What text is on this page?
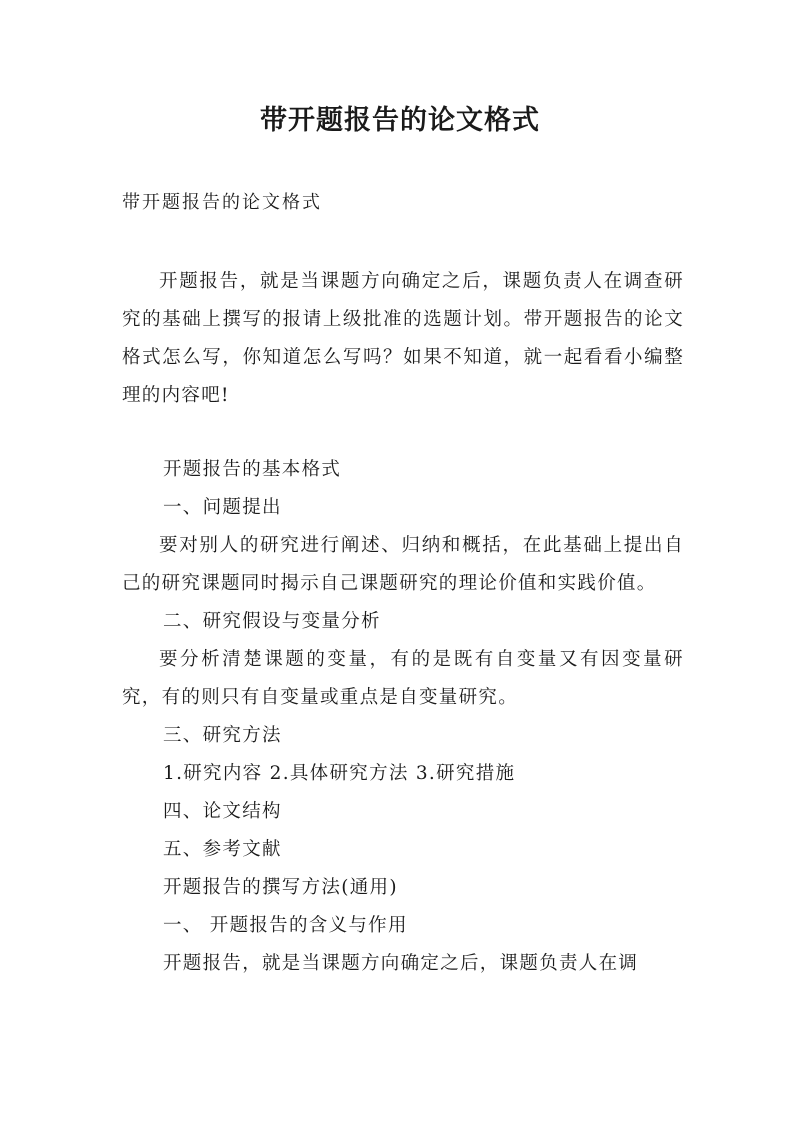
带开题报告的论文格式

带开题报告的论文格式

开题报告，就是当课题方向确定之后，课题负责人在调查研究的基础上撰写的报请上级批准的选题计划。带开题报告的论文格式怎么写，你知道怎么写吗？如果不知道，就一起看看小编整理的内容吧!

开题报告的基本格式

一、问题提出

要对别人的研究进行阐述、归纳和概括，在此基础上提出自己的研究课题同时揭示自己课题研究的理论价值和实践价值。

二、研究假设与变量分析

要分析清楚课题的变量，有的是既有自变量又有因变量研究，有的则只有自变量或重点是自变量研究。

三、研究方法

1.研究内容 2.具体研究方法 3.研究措施

四、论文结构

五、参考文献

开题报告的撰写方法(通用)

一、 开题报告的含义与作用

开题报告，就是当课题方向确定之后，课题负责人在调
